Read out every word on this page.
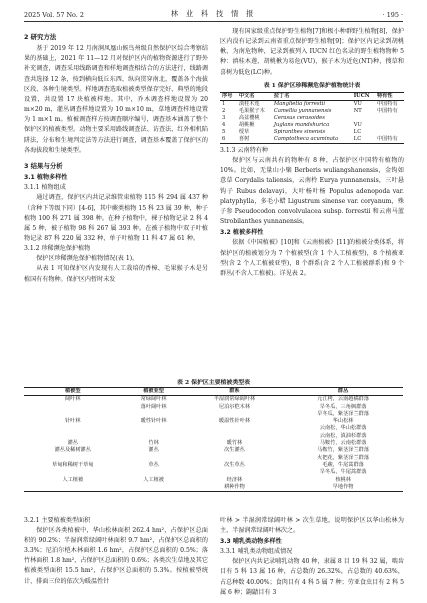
2025 Vol. 57 No. 2	林 业 科 技 情 报	· 195 ·
2 研究方法

基于 2019 年 12 月南涧凤凰山候鸟州级自然保护区综合考察结果的基础上，2021 年 11—12 月对保护区内的植物资源进行了野外补充调查，调查采用线路调查和样地调查相结合的方法进行，线路调查共选择 12 条，按到横向低丘东西、纵向贯穿南北，覆盖各个海拔区段、各种生境类型。样地调查选取植被类型保存完好、典型的地段设置，共设置 17 块植被样地。其中，乔木调查样地设置为 20 m×20 m，灌丛调查样地设置为 10 m×10 m，草地调查样地设置为 1 m×1 m。植被调查样方按调查顺序编号，调查基本涵盖了整个保护区的植被类型。动物主要采用路线调查法、访查法、红外相机陷阱法，分布和生境判定法等方法进行调查，调查基本覆盖了保护区的各海拔段和生境类型。

3 结果与分析
3.1 植物多样性
3.1.1 植物组成

通过调查，保护区内共记录维管束植物 115 科 294 属 437 种（含种下等级下同）[4-6]，其中蕨类植物 15 科 23 属 39 种，种子植物 100 科 271 属 398 种。在种子植物中，裸子植物记录 2 科 4 属 5 种，被子植物 98 科 267 属 393 种。在被子植物中双子叶植物记录 87 科 220 属 332 种，单子叶植物 11 科 47 属 61 种。

3.1.2 珍稀濒危保护植物

保护区珍稀濒危保护植物情况(表 1)。

从表 1 可知保护区内发现有人工栽培的香樟、毛果猴子木是另植国有有物种。保护区内暂时未发

现有国家级重点保护野生植物[7]和极小种群野生植物[8]，保护区内没有记录到云南省重点保护野生植物[9]；保护区内记录到胡桃楸、为南危物种，记录到被列入 IUCN 红色名录的野生植物物种 5 种：滇桂木莲、胡桃楸为易危(VU)，猴子木为近危(NT)种，搜草和喜树为低危(LC)种。

表 1 保护区珍稀濒危保护植物统计表
序号	中文名	拉丁名	IUCN	特有性
1	滇桂木莲	Manglietia forrestii	VU	中国特有
2	毛果猴子木	Camellia yunnanensis	NT	中国特有
3	高盆樱桃	Cerasus cerasoides		
4	胡桃楸	Juglans mandshurica	VU	
5	绶草	Spiranthes sinensis	LC	
6	喜树	Camptotheca acuminata	LC	中国特有
3.1.3 云南特有种

保护区与云南共有的物种有 8 种，占保护区中国特有植物的 10%。比如，无量山小檗 Berberis wuliangshanensis，金钩如意草 Corydalis taliensis，云南柃 Eurya yunnanensis，三叶悬钩子 Rubus delavayi，大叶杨叶杨 Populus adenopoda var. platyphylla，多毛小蜡 Ligustrum sinense var. coryanum，殊子参 Pseudocodon convolvulacea subsp. forrestii 和云南马蓝 Strobilanthes yunnanensis。

3.2 植被多样性

依据《中国植被》[10]和《云南植被》[11]的植被分类体系，将保护区的植被划分为 7 个植被型(含 1 个人工植被型)，8 个植被亚型(含 2 个人工植被亚型)，8 个群系(含 2 个人工植被群系)和 9 个群丛(不含人工植被)。详见表 2。

表 2 保护区主要植被类型表
植被型	植被亚型	群系	群丛
阔叶林	常绿阔叶林	半湿润常绿阔叶林	元江栲，云南越橘群落
	落叶阔叶林	尼泊尔桤木林	旱冬瓜，三角枫群落
			旱冬瓜，紫茎泽兰群落
针叶林	暖性针叶林	暖温性针叶林	华山松林
			云南松，华山松群落
			云南松，滇油杉群落
灌丛	竹林	暖竹林	马鞍竹，云南松群落
灌丛及稀树灌丛	灌丛	次生灌丛	马鞍竹，紫茎泽兰群落
			火把花，紫茎泽兰群落
草甸和稀树干草甸	草丛	次生草丛	毛蕨，牛尾蒿群落
			旱冬瓜，牛尾蒿群落
人工植被	人工植被	经济林	核桃林
		耕种作物	早地作物
3.2.1 主要植被类型面积

保护区各类植被中，华山松林面积 262.4 hm²，占保护区总面积的 90.2%；半湿润常绿阔叶林面积 9.7 hm²，占保护区总面积的 3.3%；尼泊尔桤木林面积 1.6 hm²，占保护区总面积的 0.5%；落竹林面积 1.8 hm²，占保护区总面积的 0.6%；各类次生草地及其它植被类型面积 15.5 hm²，占保护区总面积的 5.3%。按植被型统计，排面三位的依次为暖温性针

叶林 > 半湿润常绿阔叶林 > 次生草地，说明保护区以华山松林为主，半湿润常绿阔叶林次之。

3.3 哺乳类动物多样性
3.3.1 哺乳类动物组成情况

保护区内共记录哺乳动物 40 种，隶属 8 目 19 科 32 属，啮齿目有 5 科 13 属 16 种，占总数的 26.32%，占总数的 40.63%，占总种数 40.00%；食肉目有 4 科 5 属 7 种；劳亚食虫目有 2 科 5 属 6 种；鼩鼱目有 3
